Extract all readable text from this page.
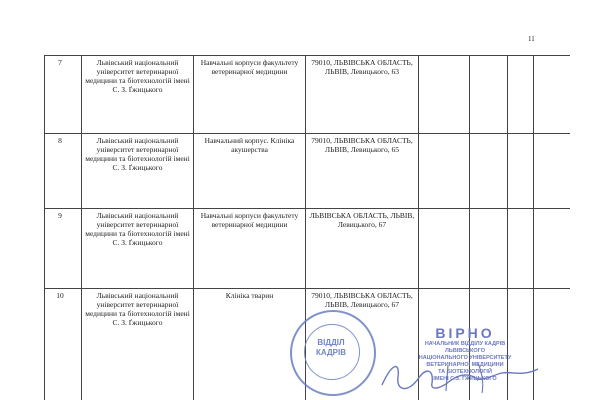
11
7	Львівський національний університет ветеринарної медицини та біотехнологій імені С. З. Ґжицького	Навчальні корпуси факультету ветеринарної медицини	79010, ЛЬВІВСЬКА ОБЛАСТЬ, ЛЬВІВ, Левицького, 63				
8	Львівський національний університет ветеринарної медицини та біотехнологій імені С. З. Ґжицького	Навчальний корпус. Клініка акушерства	79010, ЛЬВІВСЬКА ОБЛАСТЬ, ЛЬВІВ, Левицького, 65				
9	Львівський національний університет ветеринарної медицини та біотехнологій імені С. З. Ґжицького	Навчальні корпуси факультету ветеринарної медицини	ЛЬВІВСЬКА ОБЛАСТЬ, ЛЬВІВ, Левицького, 67				
10	Львівський національний університет ветеринарної медицини та біотехнологій імені С. З. Ґжицького	Клініка тварин	79010, ЛЬВІВСЬКА ОБЛАСТЬ, ЛЬВІВ, Левицького, 67				
ВІДДІЛ
КАДРІВ
ВІРНО
НАЧАЛЬНИК ВІДДІЛУ КАДРІВ
ЛЬВІВСЬКОГО
НАЦІОНАЛЬНОГО УНІВЕРСИТЕТУ
ВЕТЕРИНАРНОЇ МЕДИЦИНИ
ТА БІОТЕХНОЛОГІЙ
ІМЕНІ С.З. ҐЖИЦЬКОГО
